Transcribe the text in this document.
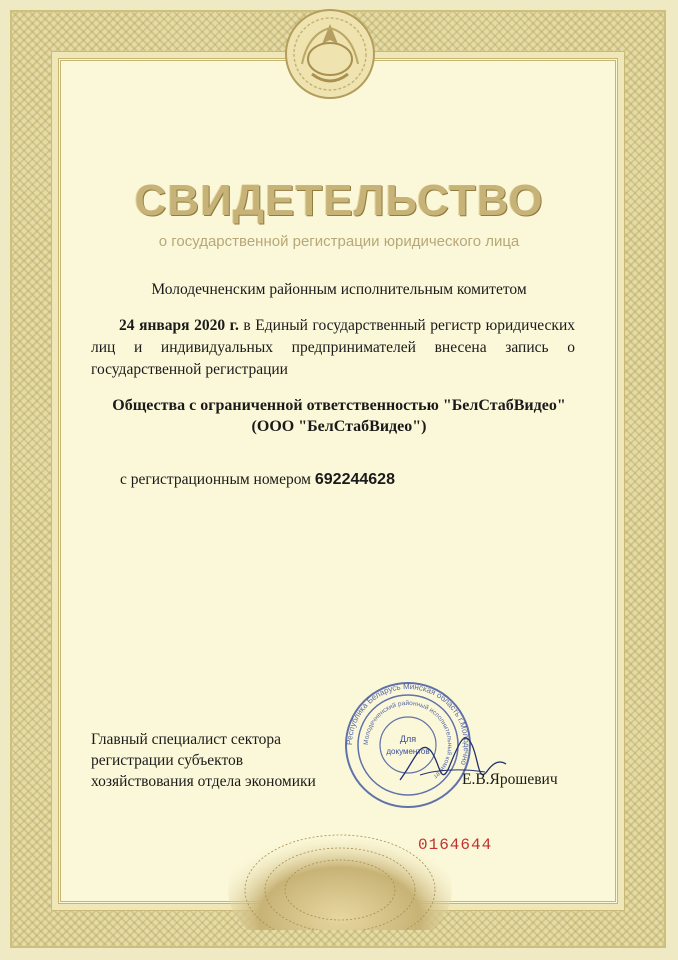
СВИДЕТЕЛЬСТВО
о государственной регистрации юридического лица
Молодечненским районным исполнительным комитетом
24 января 2020 г. в Единый государственный регистр юридических лиц и индивидуальных предпринимателей внесена запись о государственной регистрации
Общества с ограниченной ответственностью "БелСтабВидео"
(ООО "БелСтабВидео")
с регистрационным номером 692244628
Главный специалист сектора
регистрации субъектов
хозяйствования отдела экономики
0164644
Республика Беларусь Минская область г.Молодечно
Молодечненский районный исполнительный комитет
Для
документов
Е.В.Ярошевич
